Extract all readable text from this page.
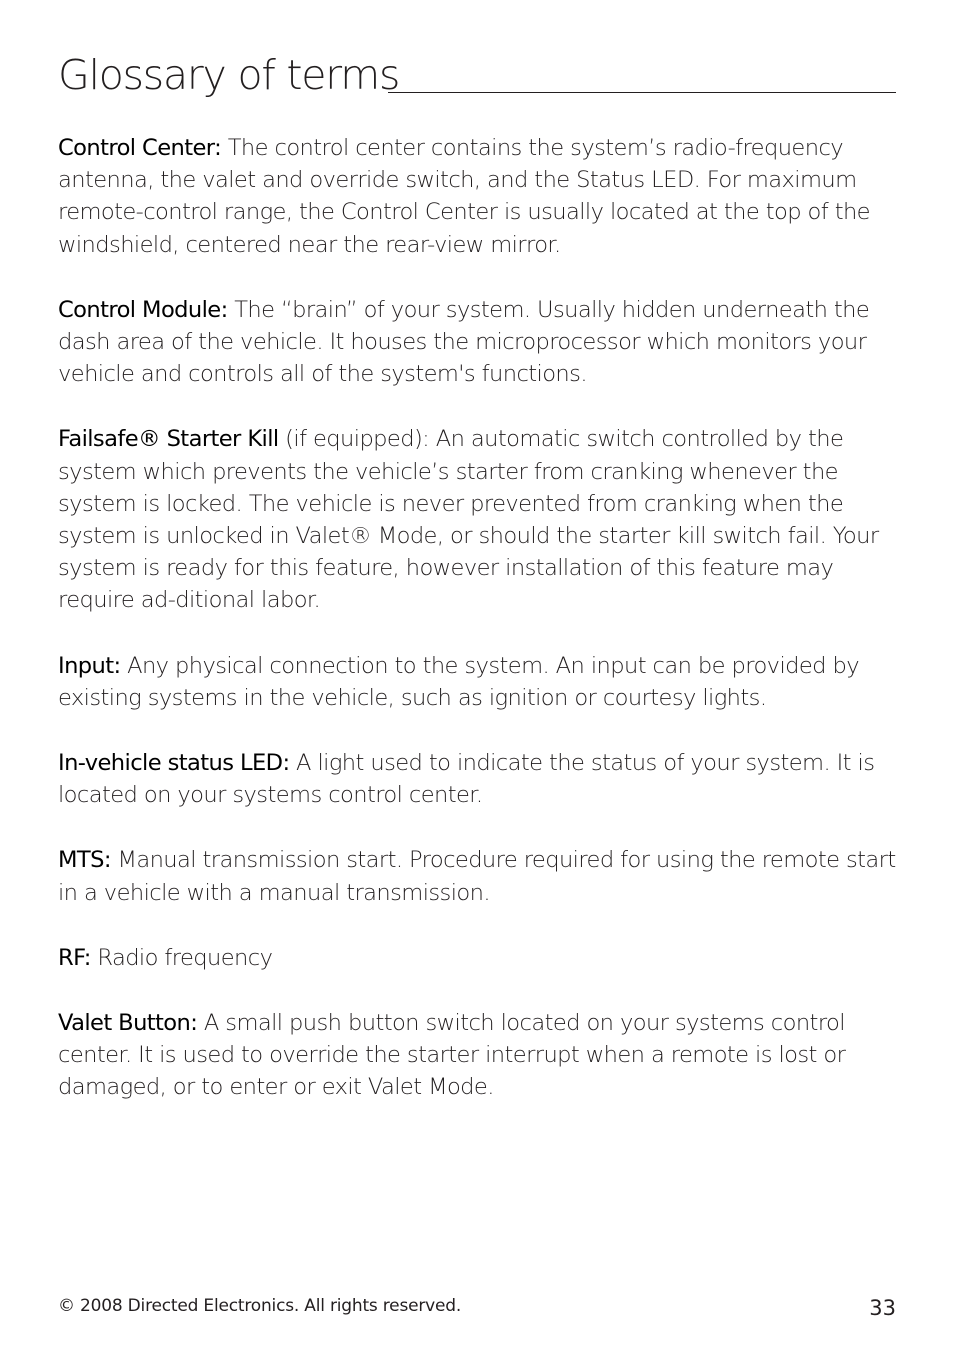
Glossary of terms

Control Center: The control center contains the system’s radio-frequency antenna, the valet and override switch, and the Status LED. For maximum remote-control range, the Control Center is usually located at the top of the windshield, centered near the rear-view mirror.

Control Module: The “brain” of your system. Usually hidden underneath the dash area of the vehicle. It houses the microprocessor which monitors your vehicle and controls all of the system's functions.

Failsafe® Starter Kill (if equipped): An automatic switch controlled by the system which prevents the vehicle’s starter from cranking whenever the system is locked. The vehicle is never prevented from cranking when the system is unlocked in Valet® Mode, or should the starter kill switch fail. Your system is ready for this feature, however installation of this feature may require ad-ditional labor.

Input: Any physical connection to the system. An input can be provided by existing systems in the vehicle, such as ignition or courtesy lights.

In-vehicle status LED: A light used to indicate the status of your system. It is located on your systems control center.

MTS: Manual transmission start. Procedure required for using the remote start in a vehicle with a manual transmission.

RF: Radio frequency

Valet Button: A small push button switch located on your systems control center. It is used to override the starter interrupt when a remote is lost or damaged, or to enter or exit Valet Mode.

© 2008 Directed Electronics. All rights reserved.	33
